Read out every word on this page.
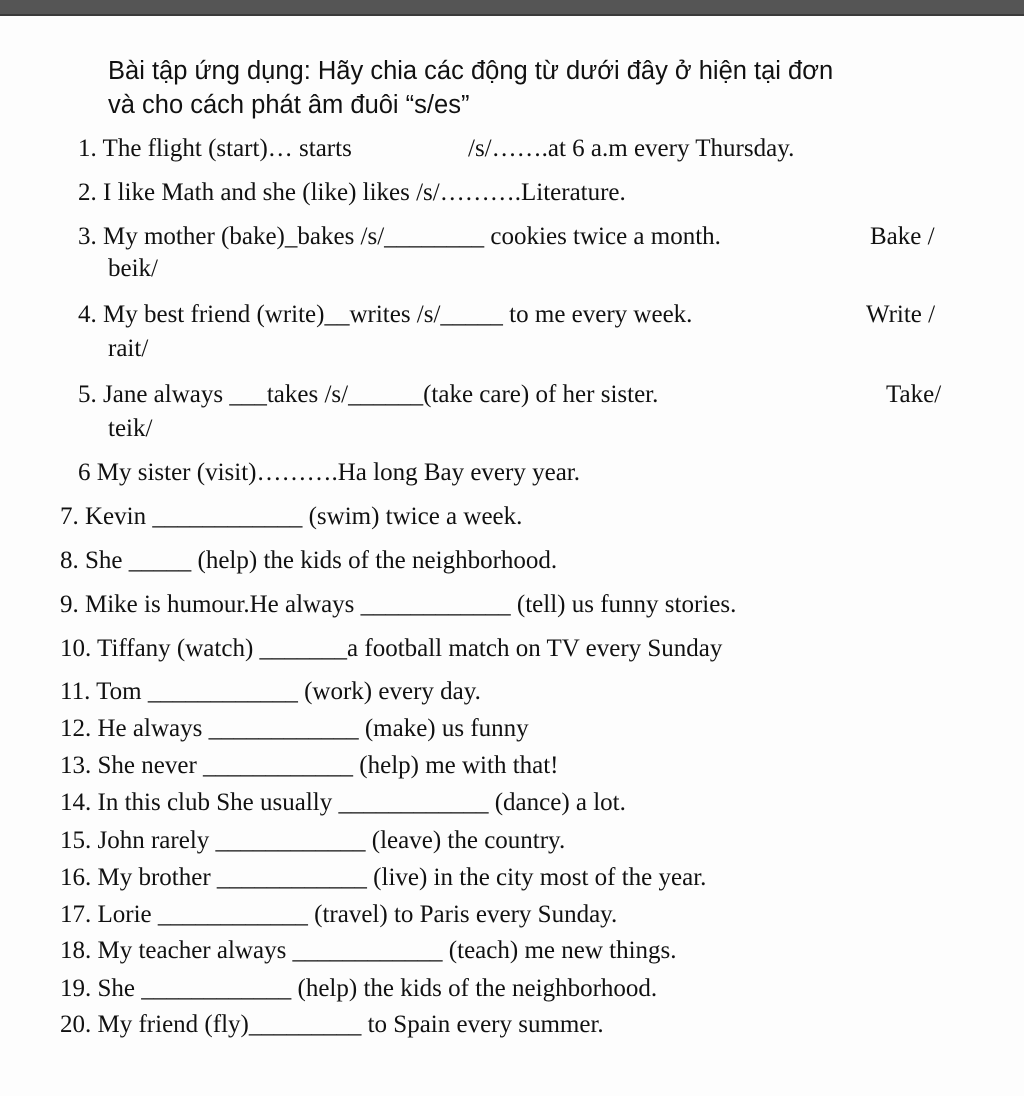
Bài tập ứng dụng: Hãy chia các động từ dưới đây ở hiện tại đơn
và cho cách phát âm đuôi “s/es”
1. The flight (start)… starts	/s/…….at 6 a.m every Thursday.
2. I like Math and she (like) likes /s/……….Literature.
3. My mother (bake)_bakes /s/________ cookies twice a month.	Bake /
beik/
4. My best friend (write)__writes /s/_____ to me every week.	Write /
rait/
5. Jane always ___takes /s/______(take care) of her sister.	Take/
teik/
6 My sister (visit)……….Ha long Bay every year.
7. Kevin ____________ (swim) twice a week.
8. She _____ (help) the kids of the neighborhood.
9. Mike is humour.He always ____________ (tell) us funny stories.
10. Tiffany (watch) _______a football match on TV every Sunday
11. Tom ____________ (work) every day.
12. He always ____________ (make) us funny
13. She never ____________ (help) me with that!
14. In this club She usually ____________ (dance) a lot.
15. John rarely ____________ (leave) the country.
16. My brother ____________ (live) in the city most of the year.
17. Lorie ____________ (travel) to Paris every Sunday.
18. My teacher always ____________ (teach) me new things.
19. She ____________ (help) the kids of the neighborhood.
20. My friend (fly)_________ to Spain every summer.
